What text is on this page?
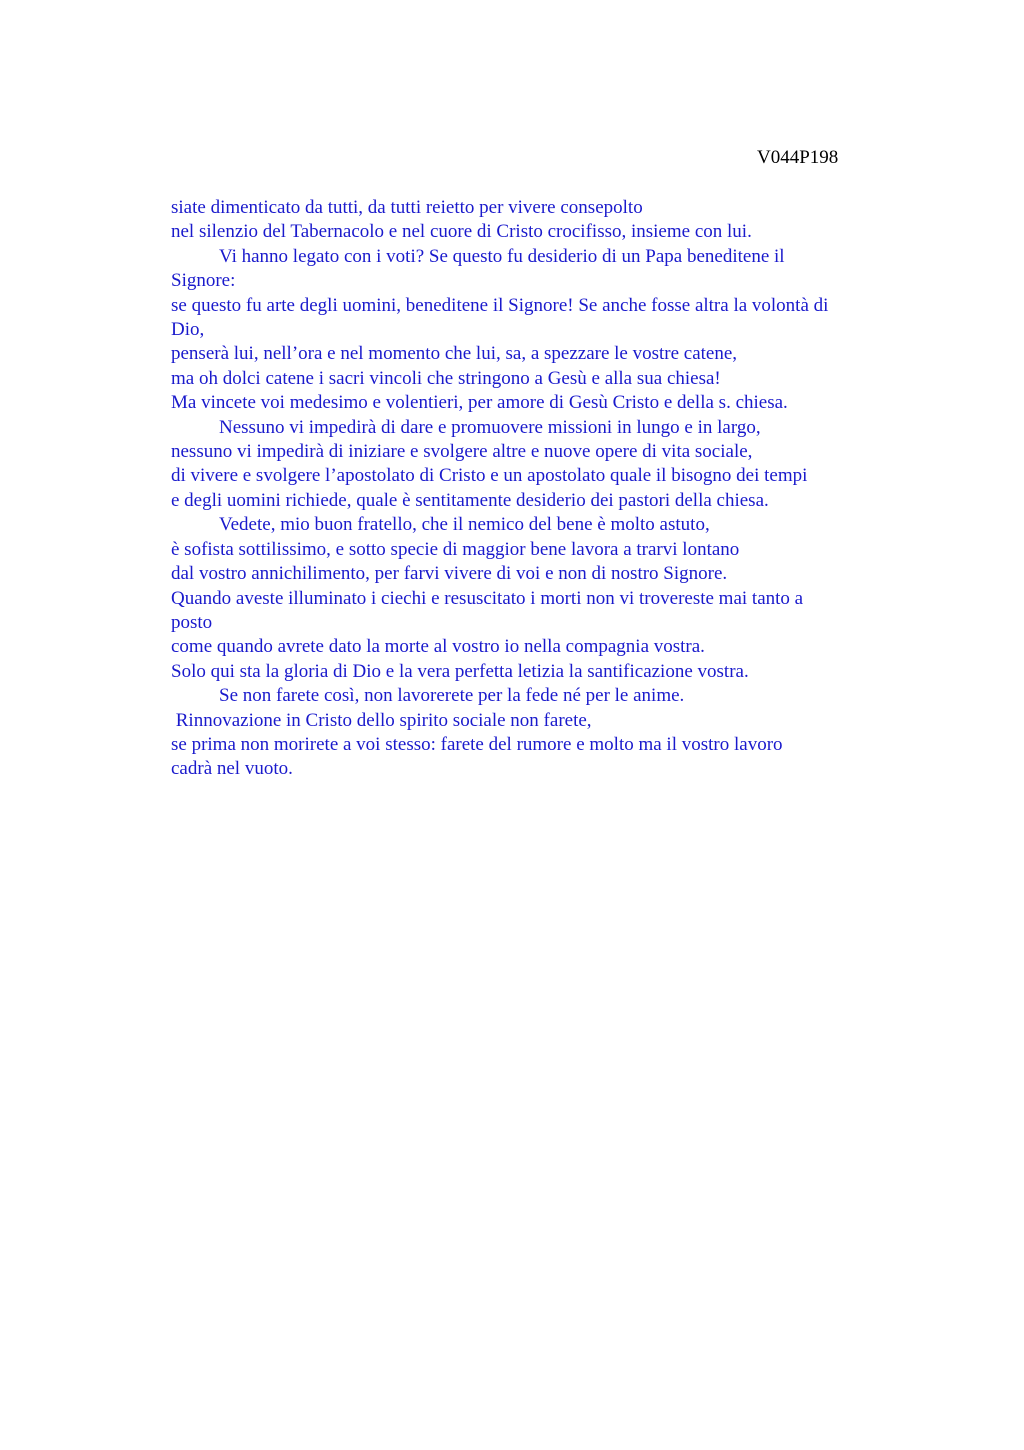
V044P198
siate dimenticato da tutti, da tutti reietto per vivere consepolto
nel silenzio del Tabernacolo e nel cuore di Cristo crocifisso, insieme con lui.
Vi hanno legato con i voti? Se questo fu desiderio di un Papa beneditene il
Signore:
se questo fu arte degli uomini, beneditene il Signore! Se anche fosse altra la volontà di
Dio,
penserà lui, nell’ora e nel momento che lui, sa, a spezzare le vostre catene,
ma oh dolci catene i sacri vincoli che stringono a Gesù e alla sua chiesa!
Ma vincete voi medesimo e volentieri, per amore di Gesù Cristo e della s. chiesa.
Nessuno vi impedirà di dare e promuovere missioni in lungo e in largo,
nessuno vi impedirà di iniziare e svolgere altre e nuove opere di vita sociale,
di vivere e svolgere l’apostolato di Cristo e un apostolato quale il bisogno dei tempi
e degli uomini richiede, quale è sentitamente desiderio dei pastori della chiesa.
Vedete, mio buon fratello, che il nemico del bene è molto astuto,
è sofista sottilissimo, e sotto specie di maggior bene lavora a trarvi lontano
dal vostro annichilimento, per farvi vivere di voi e non di nostro Signore.
Quando aveste illuminato i ciechi e resuscitato i morti non vi trovereste mai tanto a
posto
come quando avrete dato la morte al vostro io nella compagnia vostra.
Solo qui sta la gloria di Dio e la vera perfetta letizia la santificazione vostra.
Se non farete così, non lavorerete per la fede né per le anime.
Rinnovazione in Cristo dello spirito sociale non farete,
se prima non morirete a voi stesso: farete del rumore e molto ma il vostro lavoro
cadrà nel vuoto.
